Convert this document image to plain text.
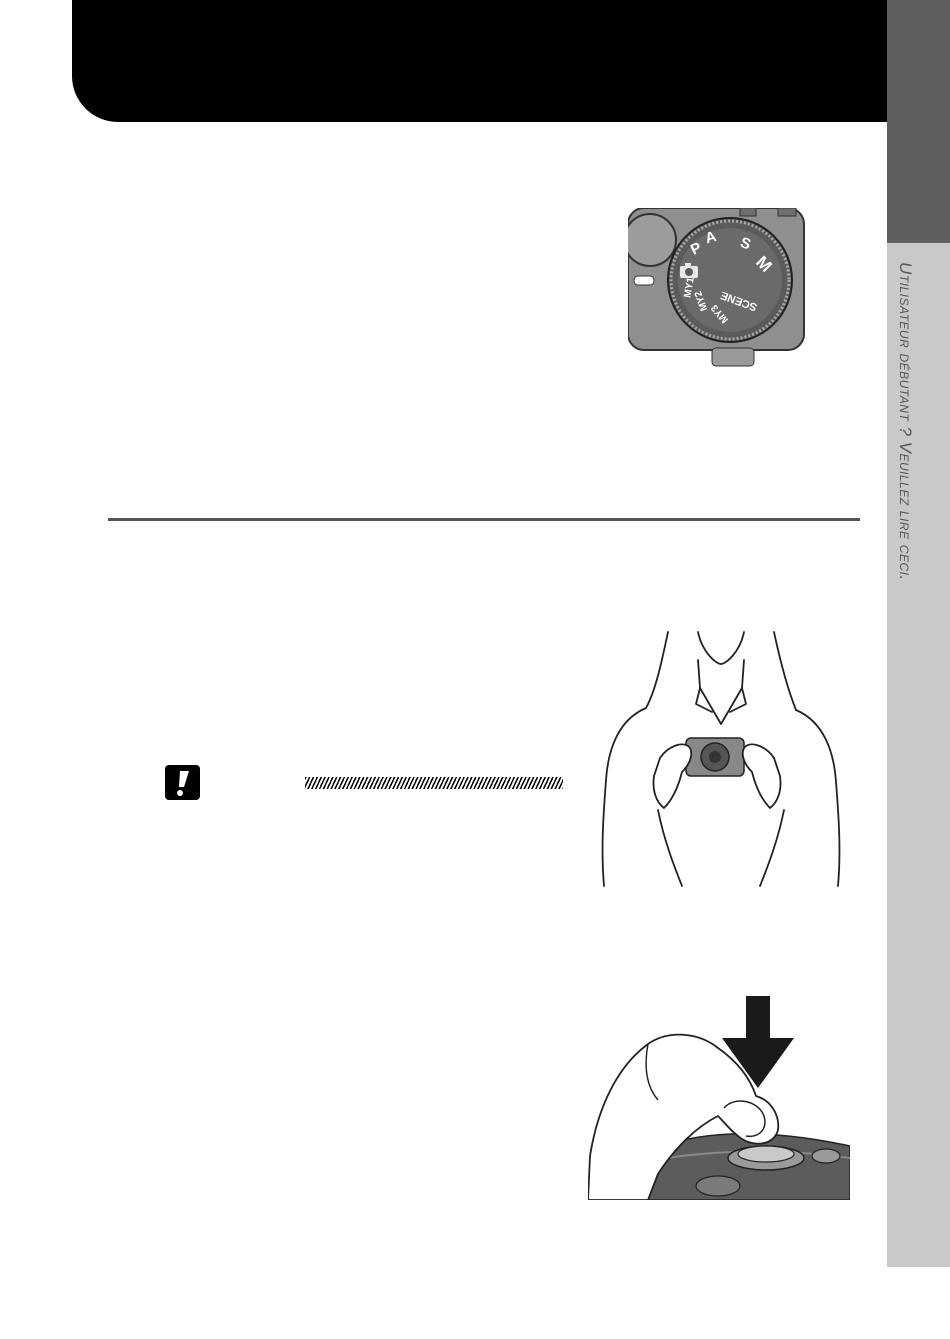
Utilisateur débutant ? Veuillez lire ceci.
P
A S
M
SCENE
MY3
MY2
MY1
